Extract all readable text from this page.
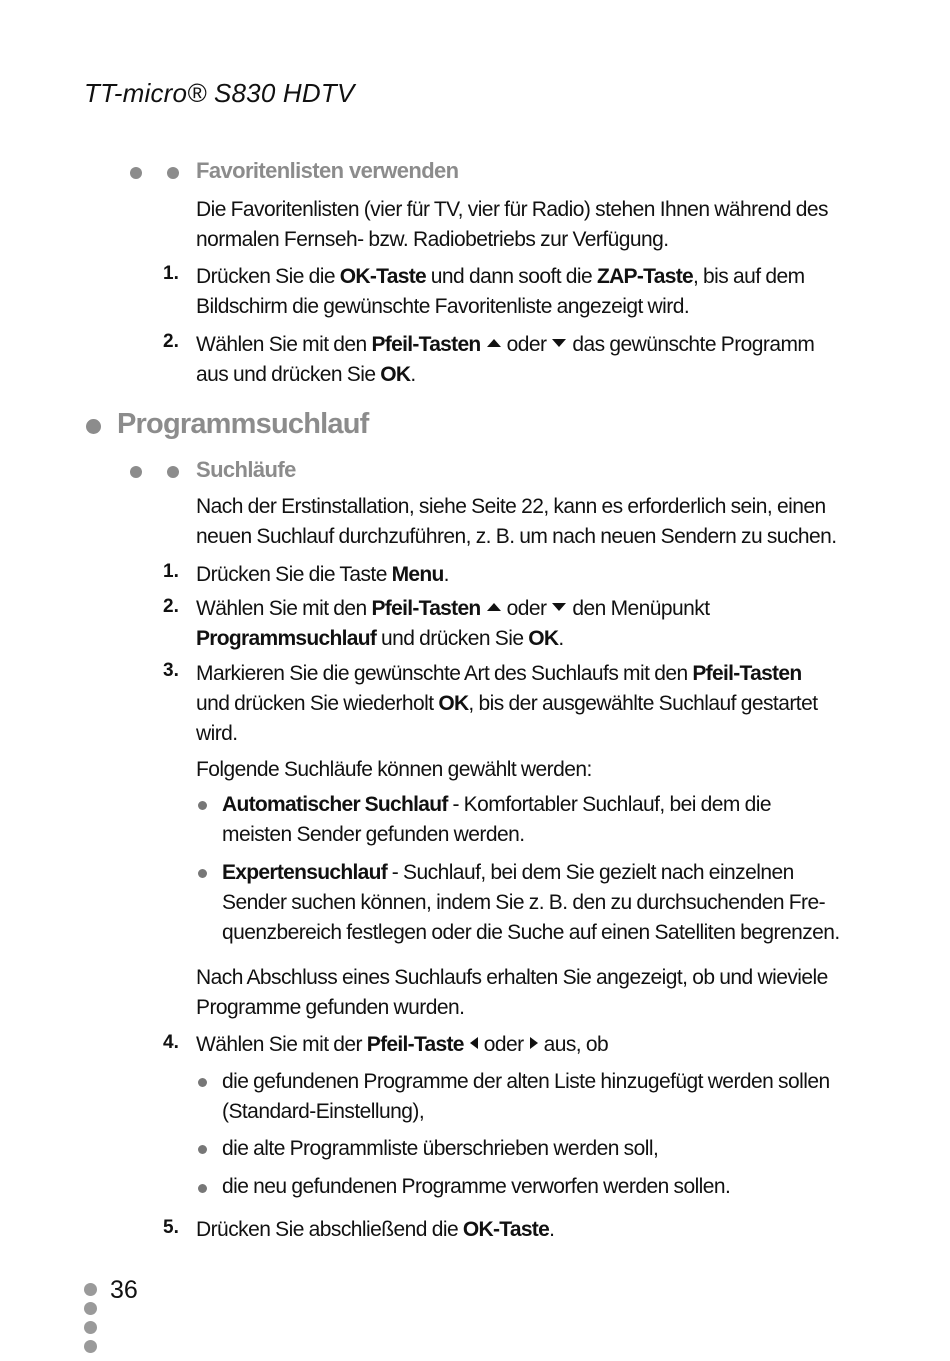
TT-micro® S830 HDTV
Favoritenlisten verwenden
Die Favoritenlisten (vier für TV, vier für Radio) stehen Ihnen während des
normalen Fernseh- bzw. Radiobetriebs zur Verfügung.
1. Drücken Sie die OK-Taste und dann sooft die ZAP-Taste, bis auf dem
Bildschirm die gewünschte Favoritenliste angezeigt wird.
2. Wählen Sie mit den Pfeil-Tasten oder das gewünschte Programm
aus und drücken Sie OK.
Programmsuchlauf
Suchläufe
Nach der Erstinstallation, siehe Seite 22, kann es erforderlich sein, einen
neuen Suchlauf durchzuführen, z. B. um nach neuen Sendern zu suchen.
1. Drücken Sie die Taste Menu.
2. Wählen Sie mit den Pfeil-Tasten oder den Menüpunkt
Programmsuchlauf und drücken Sie OK.
3. Markieren Sie die gewünschte Art des Suchlaufs mit den Pfeil-Tasten
und drücken Sie wiederholt OK, bis der ausgewählte Suchlauf gestartet
wird.
Folgende Suchläufe können gewählt werden:
Automatischer Suchlauf - Komfortabler Suchlauf, bei dem die
meisten Sender gefunden werden.
Expertensuchlauf - Suchlauf, bei dem Sie gezielt nach einzelnen
Sender suchen können, indem Sie z. B. den zu durchsuchenden Fre-
quenzbereich festlegen oder die Suche auf einen Satelliten begrenzen.
Nach Abschluss eines Suchlaufs erhalten Sie angezeigt, ob und wieviele
Programme gefunden wurden.
4. Wählen Sie mit der Pfeil-Taste oder aus, ob
die gefundenen Programme der alten Liste hinzugefügt werden sollen
(Standard-Einstellung),
die alte Programmliste überschrieben werden soll,
die neu gefundenen Programme verworfen werden sollen.
5. Drücken Sie abschließend die OK-Taste.
36
